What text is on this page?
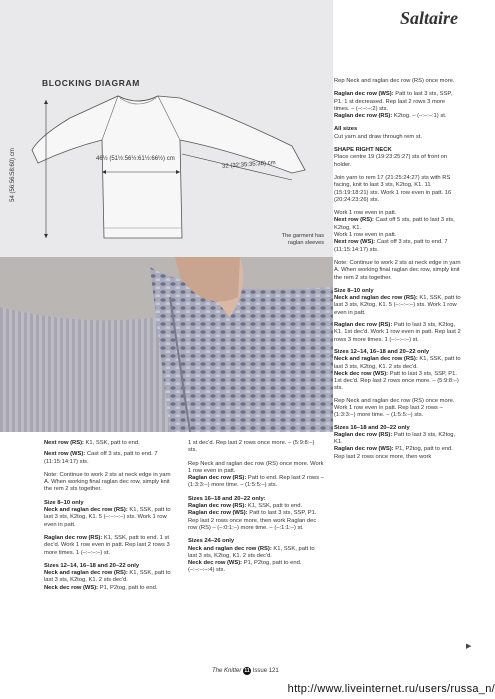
Saltaire
BLOCKING DIAGRAM
46½ (51½:56½:61½:66½) cm
32 (32:35:35:38) cm
54 (56:56:58:60) cm
The garment has
raglan sleeves

Next row (RS): K1, SSK, patt to end.

Next row (WS): Cast off 3 sts, patt to end. 7 (11:15:14:17) sts.

Note: Continue to work 2 sts at neck edge in yarn A. When working final raglan dec row, simply knit the rem 2 sts together.

Size 8–10 only

Neck and raglan dec row (RS): K1, SSK, patt to last 3 sts, K2tog, K1. 5 (–:–:–:–) sts. Work 1 row even in patt.

Raglan dec row (RS): K1, SSK, patt to end. 1 st dec'd. Work 1 row even in patt. Rep last 2 rows 3 more times. 1 (–:–:–:–) st.

Sizes 12–14, 16–18 and 20–22 only

Neck and raglan dec row (RS): K1, SSK, patt to last 3 sts, K2tog, K1. 2 sts dec'd.

Neck dec row (WS): P1, P2tog, patt to end.

1 st dec'd. Rep last 2 rows once more. – (5:9:8:–) sts.

Rep Neck and raglan dec row (RS) once more. Work 1 row even in patt.

Raglan dec row (RS): Patt to end. Rep last 2 rows – (1:3:3:–) more time. – (1:5:5:–) sts.

Sizes 16–18 and 20–22 only:

Raglan dec row (RS): K1, SSK, patt to end.

Raglan dec row (WS): Patt to last 3 sts, SSP, P1. Rep last 2 rows once more, then work Raglan dec row (RS) – (–:0:1:–) more time. – (–:1:1:–) st.

Sizes 24–26 only

Neck and raglan dec row (RS): K1, SSK, patt to last 3 sts, K2tog, K1. 2 sts dec'd.

Neck dec row (WS): P1, P2tog, patt to end. (–:–:–:–:4) sts.

Rep Neck and raglan dec row (RS) once more.

Raglan dec row (WS): Patt to last 3 sts, SSP, P1. 1 st decreased. Rep last 2 rows 3 more times. – (–:–:–:2) sts.

Raglan dec row (RS): K2tog. – (–:–:–:1) st.

All sizes

Cut yarn and draw through rem st.

SHAPE RIGHT NECK

Place centre 19 (19:23:25:27) sts of front on holder.

Join yarn to rem 17 (21:25:24:27) sts with RS facing, knit to last 3 sts, K2tog, K1. 11 (15:19:18:21) sts. Work 1 row even in patt. 16 (20:24:23:26) sts.

Work 1 row even in patt.

Next row (RS): Cast off 5 sts, patt to last 3 sts, K2tog, K1.

Work 1 row even in patt.

Next row (WS): Cast off 3 sts, patt to end. 7 (11:15:14:17) sts.

Note: Continue to work 2 sts at neck edge in yarn A. When working final raglan dec row, simply knit the rem 2 sts together.

Size 8–10 only

Neck and raglan dec row (RS): K1, SSK, patt to last 3 sts, K2tog, K1. 5 (–:–:–:–) sts. Work 1 row even in patt.

Raglan dec row (RS): Patt to last 3 sts, K2tog, K1. 1st dec'd. Work 1 row even in patt. Rep last 2 rows 3 more times. 1 (–:–:–:–) st.

Sizes 12–14, 16–18 and 20–22 only

Neck and raglan dec row (RS): K1, SSK, patt to last 3 sts, K2tog, K1. 2 sts dec'd.

Neck dec row (WS): Patt to last 3 sts, SSP, P1. 1st dec'd. Rep last 2 rows once more. – (5:9:8:–) sts.

Rep Neck and raglan dec row (RS) once more. Work 1 row even in patt. Rep last 2 rows – (1:3:3:–) more time. – (1:5:5:–) sts.

Sizes 16–18 and 20–22 only

Raglan dec row (RS): Patt to last 3 sts, K2tog, K1.

Raglan dec row (WS): P1, P2tog, patt to end.

Rep last 2 rows once more, then work

▶
The Knitter 11 Issue 121
http://www.liveinternet.ru/users/russa_n/
